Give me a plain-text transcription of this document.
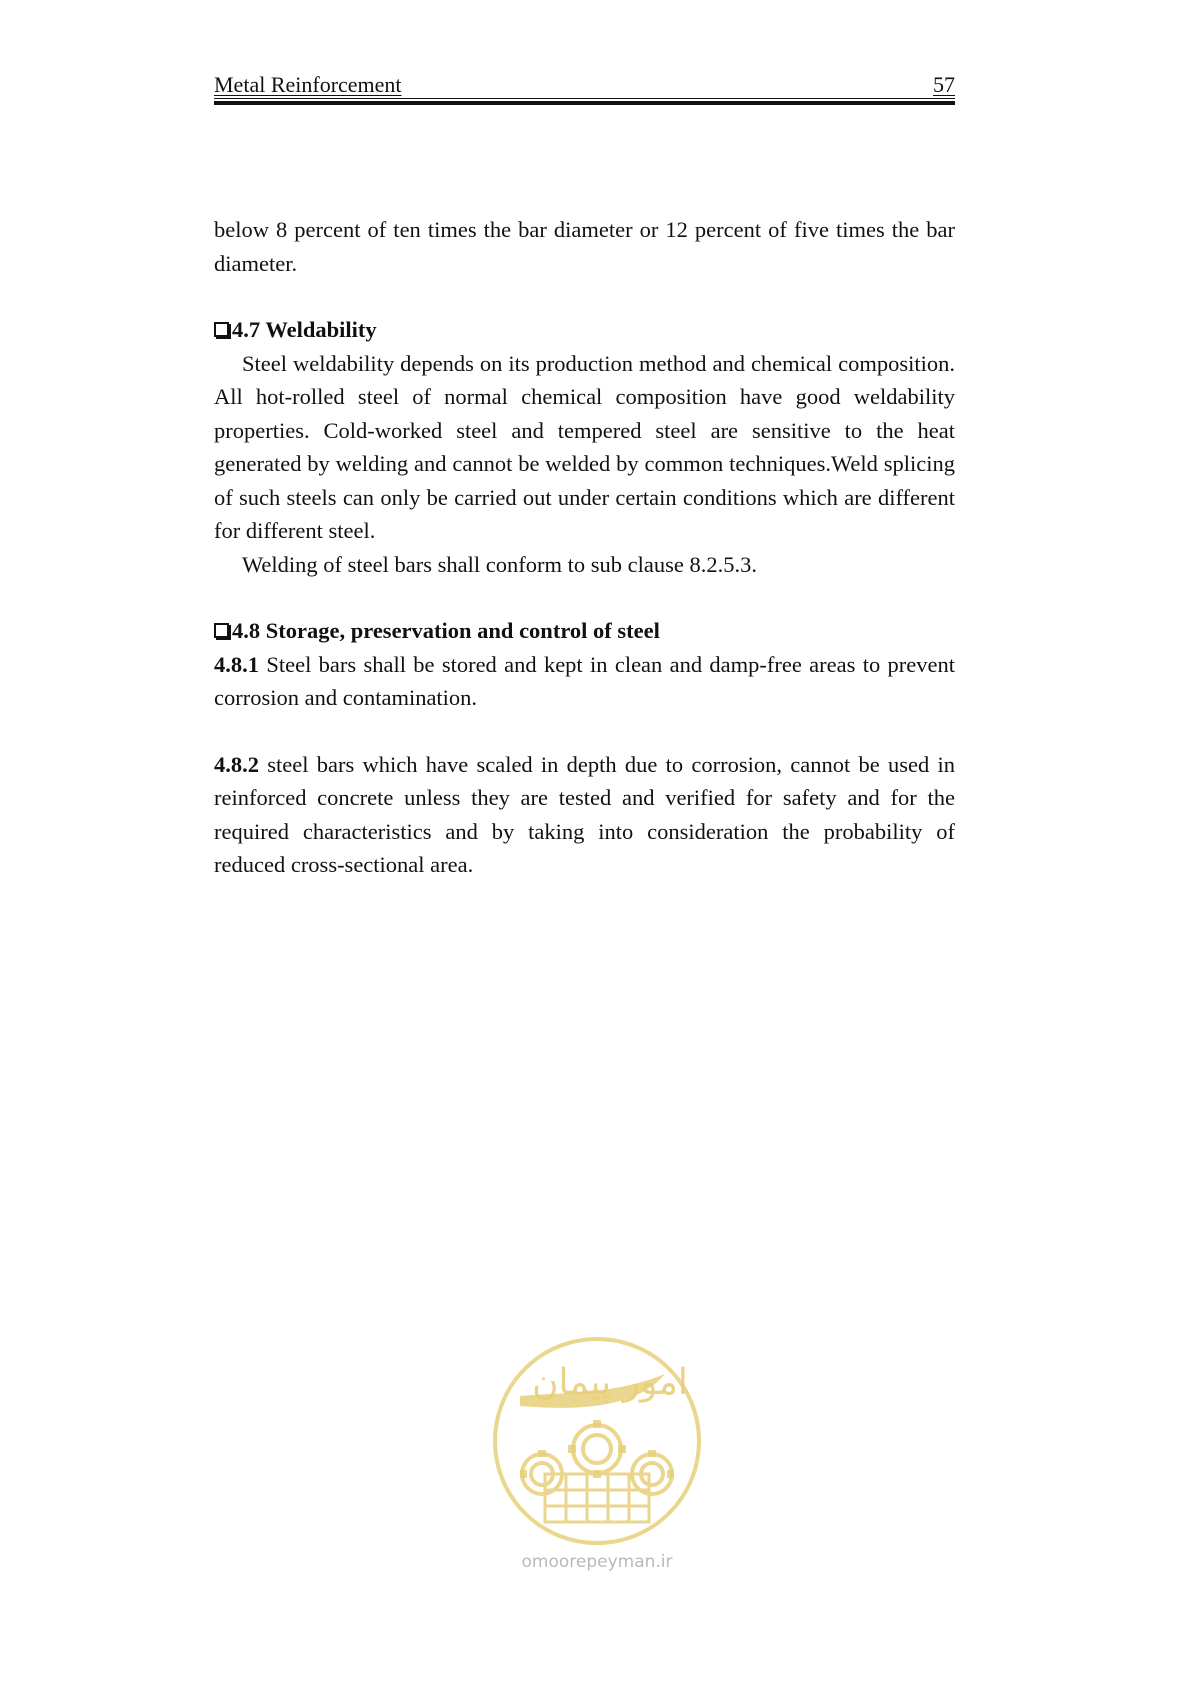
Metal Reinforcement	57

below 8 percent of ten times the bar diameter or 12 percent of five times the bar diameter.

4.7 Weldability

Steel weldability depends on its production method and chemical composition. All hot-rolled steel of normal chemical composition have good weldability properties. Cold-worked steel and tempered steel are sensitive to the heat generated by welding and cannot be welded by common techniques.Weld splicing of such steels can only be carried out under certain conditions which are different for different steel.

Welding of steel bars shall conform to sub clause 8.2.5.3.

4.8 Storage, preservation and control of steel

4.8.1 Steel bars shall be stored and kept in clean and damp-free areas to prevent corrosion and contamination.

4.8.2 steel bars which have scaled in depth due to corrosion, cannot be used in reinforced concrete unless they are tested and verified for safety and for the required characteristics and by taking into consideration the probability of reduced cross-sectional area.

امور پیمان
omoorepeyman.ir
